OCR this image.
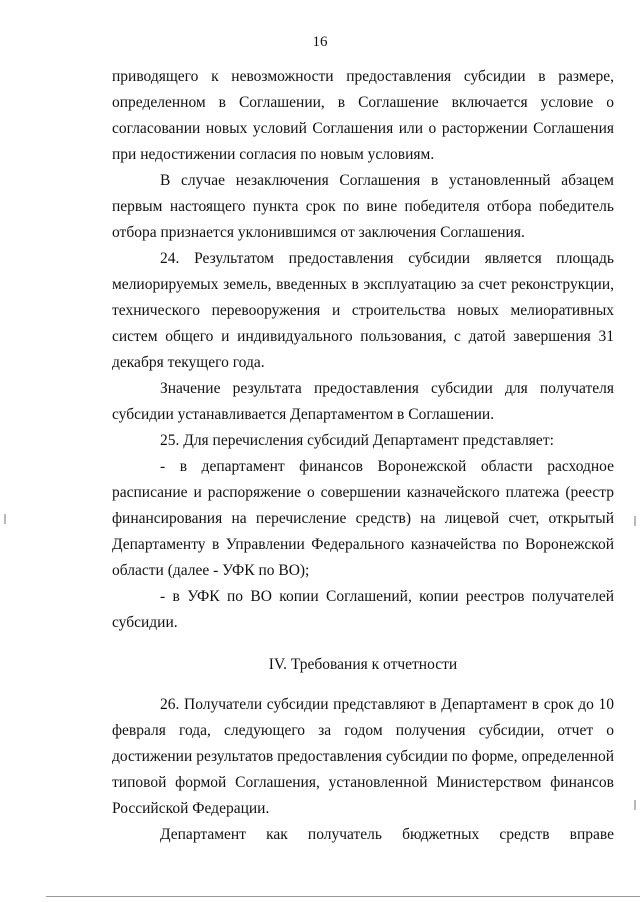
16

приводящего к невозможности предоставления субсидии в размере, определенном в Соглашении, в Соглашение включается условие о согласовании новых условий Соглашения или о расторжении Соглашения при недостижении согласия по новым условиям.

В случае незаключения Соглашения в установленный абзацем первым настоящего пункта срок по вине победителя отбора победитель отбора признается уклонившимся от заключения Соглашения.

24. Результатом предоставления субсидии является площадь мелиорируемых земель, введенных в эксплуатацию за счет реконструкции, технического перевооружения и строительства новых мелиоративных систем общего и индивидуального пользования, с датой завершения 31 декабря текущего года.

Значение результата предоставления субсидии для получателя субсидии устанавливается Департаментом в Соглашении.

25. Для перечисления субсидий Департамент представляет:

- в департамент финансов Воронежской области расходное расписание и распоряжение о совершении казначейского платежа (реестр финансирования на перечисление средств) на лицевой счет, открытый Департаменту в Управлении Федерального казначейства по Воронежской области (далее - УФК по ВО);

- в УФК по ВО копии Соглашений, копии реестров получателей субсидии.

IV. Требования к отчетности

26. Получатели субсидии представляют в Департамент в срок до 10 февраля года, следующего за годом получения субсидии, отчет о достижении результатов предоставления субсидии по форме, определенной типовой формой Соглашения, установленной Министерством финансов Российской Федерации.

Департамент как получатель бюджетных средств вправе
